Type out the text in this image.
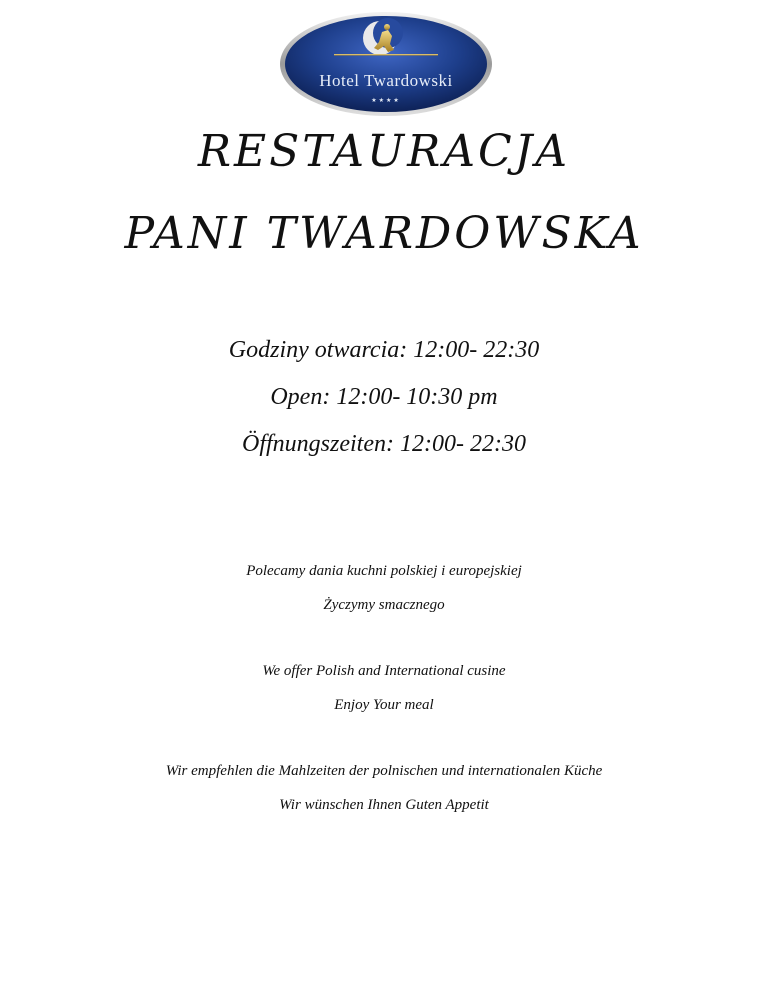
Hotel Twardowski
★★★★
RESTAURACJA
PANI TWARDOWSKA
Godziny otwarcia: 12:00- 22:30
Open: 12:00- 10:30 pm
Öffnungszeiten: 12:00- 22:30
Polecamy dania kuchni polskiej i europejskiej
Życzymy smacznego
We offer Polish and International cusine
Enjoy Your meal
Wir empfehlen die Mahlzeiten der polnischen und internationalen Küche
Wir wünschen Ihnen Guten Appetit
